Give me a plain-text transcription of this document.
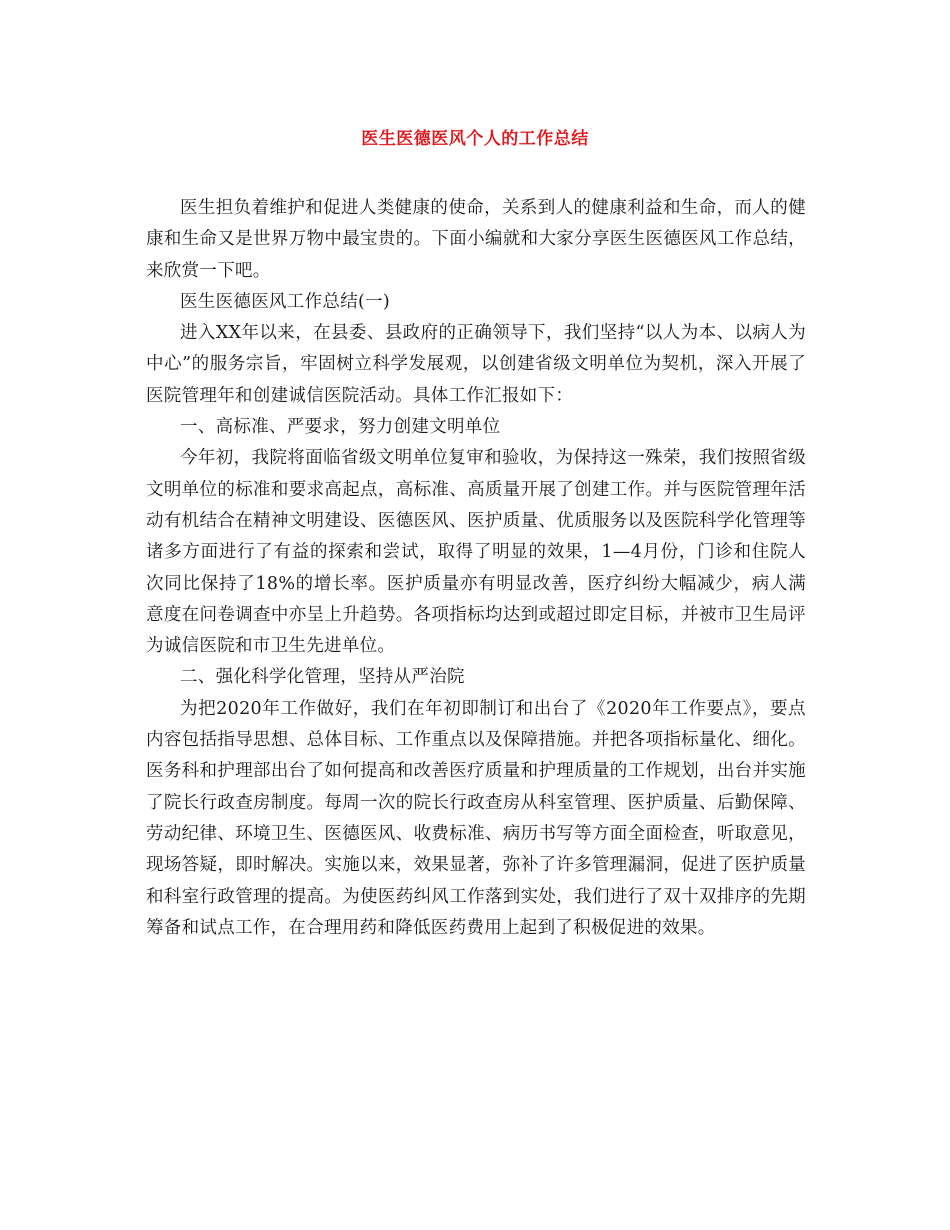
医生医德医风个人的工作总结

医生担负着维护和促进人类健康的使命，关系到人的健康利益和生命，而人的健康和生命又是世界万物中最宝贵的。下面小编就和大家分享医生医德医风工作总结，来欣赏一下吧。

医生医德医风工作总结(一)

进入XX年以来，在县委、县政府的正确领导下，我们坚持“以人为本、以病人为中心”的服务宗旨，牢固树立科学发展观，以创建省级文明单位为契机，深入开展了医院管理年和创建诚信医院活动。具体工作汇报如下：

一、高标准、严要求，努力创建文明单位

今年初，我院将面临省级文明单位复审和验收，为保持这一殊荣，我们按照省级文明单位的标准和要求高起点，高标准、高质量开展了创建工作。并与医院管理年活动有机结合在精神文明建设、医德医风、医护质量、优质服务以及医院科学化管理等诸多方面进行了有益的探索和尝试，取得了明显的效果，1—4月份，门诊和住院人次同比保持了18%的增长率。医护质量亦有明显改善，医疗纠纷大幅减少，病人满意度在问卷调查中亦呈上升趋势。各项指标均达到或超过即定目标，并被市卫生局评为诚信医院和市卫生先进单位。

二、强化科学化管理，坚持从严治院

为把2020年工作做好，我们在年初即制订和出台了《2020年工作要点》，要点内容包括指导思想、总体目标、工作重点以及保障措施。并把各项指标量化、细化。医务科和护理部出台了如何提高和改善医疗质量和护理质量的工作规划，出台并实施了院长行政查房制度。每周一次的院长行政查房从科室管理、医护质量、后勤保障、劳动纪律、环境卫生、医德医风、收费标准、病历书写等方面全面检查，听取意见，现场答疑，即时解决。实施以来，效果显著，弥补了许多管理漏洞，促进了医护质量和科室行政管理的提高。为使医药纠风工作落到实处，我们进行了双十双排序的先期筹备和试点工作，在合理用药和降低医药费用上起到了积极促进的效果。
